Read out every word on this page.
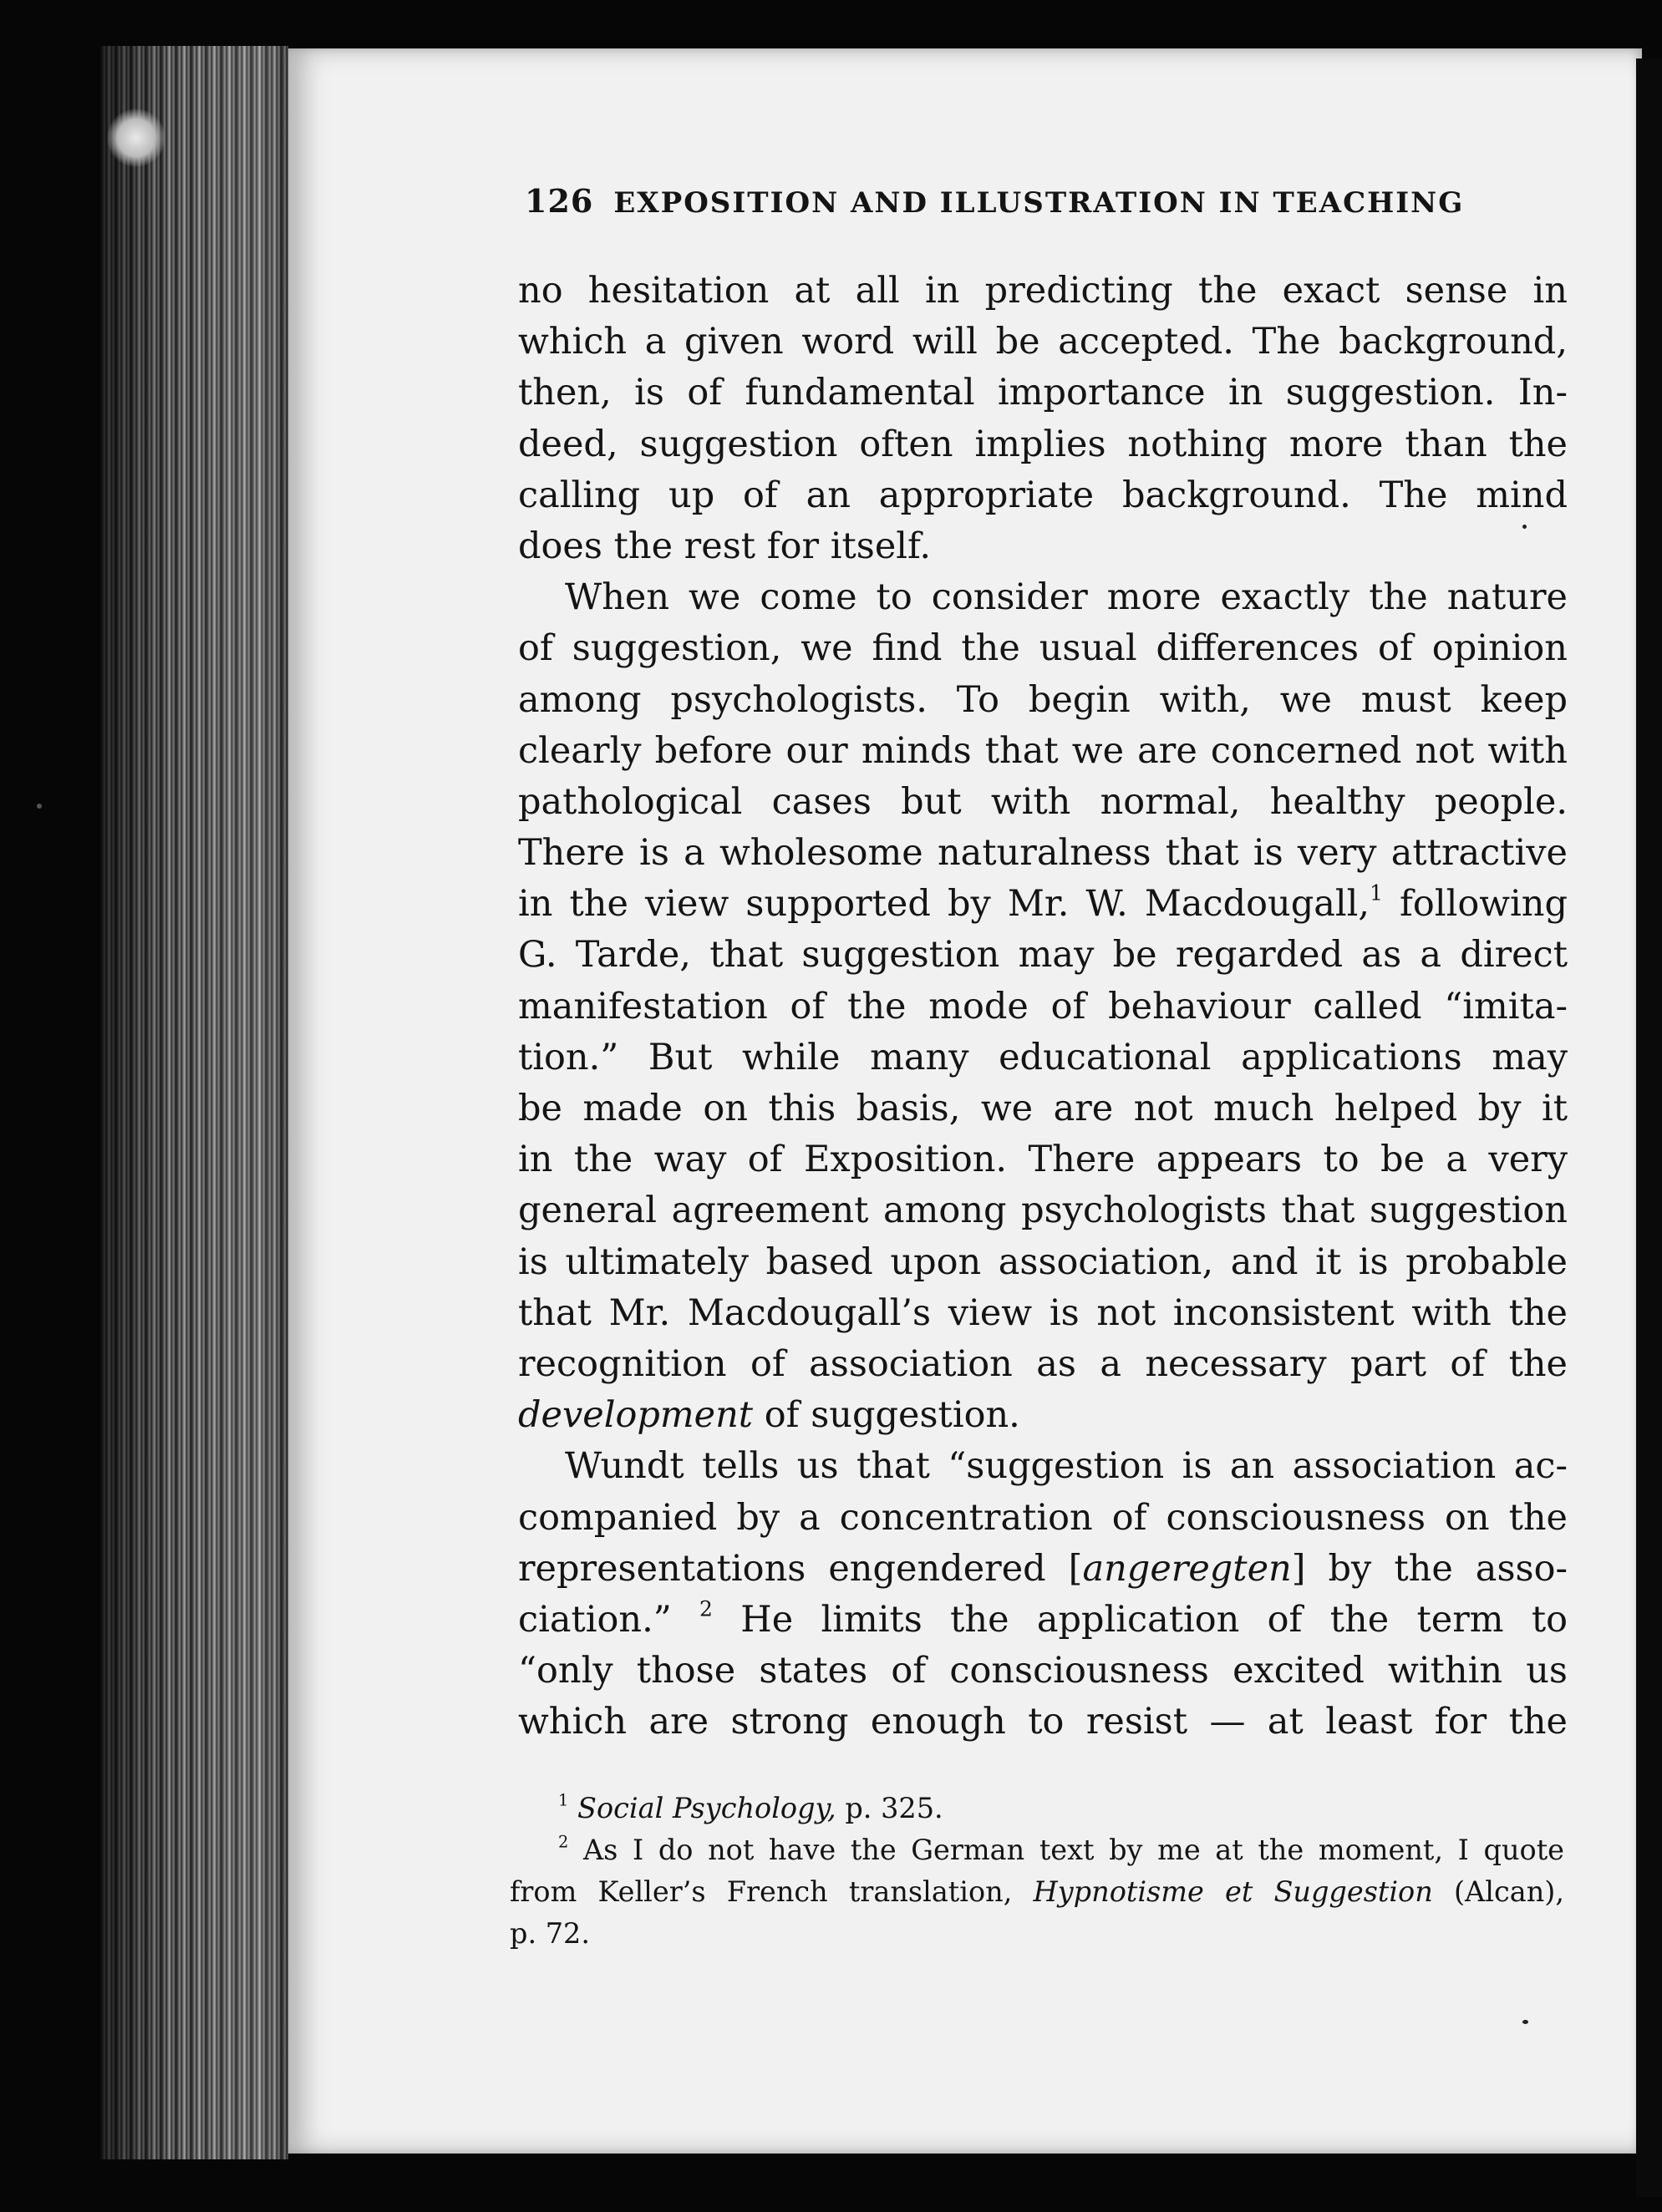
126 EXPOSITION AND ILLUSTRATION IN TEACHING
no hesitation at all in predicting the exact sense in
which a given word will be accepted. The background,
then, is of fundamental importance in suggestion. In-
deed, suggestion often implies nothing more than the
calling up of an appropriate background. The mind
does the rest for itself.
When we come to consider more exactly the nature
of suggestion, we find the usual differences of opinion
among psychologists. To begin with, we must keep
clearly before our minds that we are concerned not with
pathological cases but with normal, healthy people.
There is a wholesome naturalness that is very attractive
in the view supported by Mr. W. Macdougall,$^1$ following
G. Tarde, that suggestion may be regarded as a direct
manifestation of the mode of behaviour called “imita-
tion.” But while many educational applications may
be made on this basis, we are not much helped by it
in the way of Exposition. There appears to be a very
general agreement among psychologists that suggestion
is ultimately based upon association, and it is probable
that Mr. Macdougall’s view is not inconsistent with the
recognition of association as a necessary part of the
development of suggestion.
Wundt tells us that “suggestion is an association ac-
companied by a concentration of consciousness on the
representations engendered [angeregten] by the asso-
ciation.” $^2$ He limits the application of the term to
“only those states of consciousness excited within us
which are strong enough to resist — at least for the
$^1$ Social Psychology, p. 325.
$^2$ As I do not have the German text by me at the moment, I quote
from Keller’s French translation, Hypnotisme et Suggestion (Alcan),
p. 72.
